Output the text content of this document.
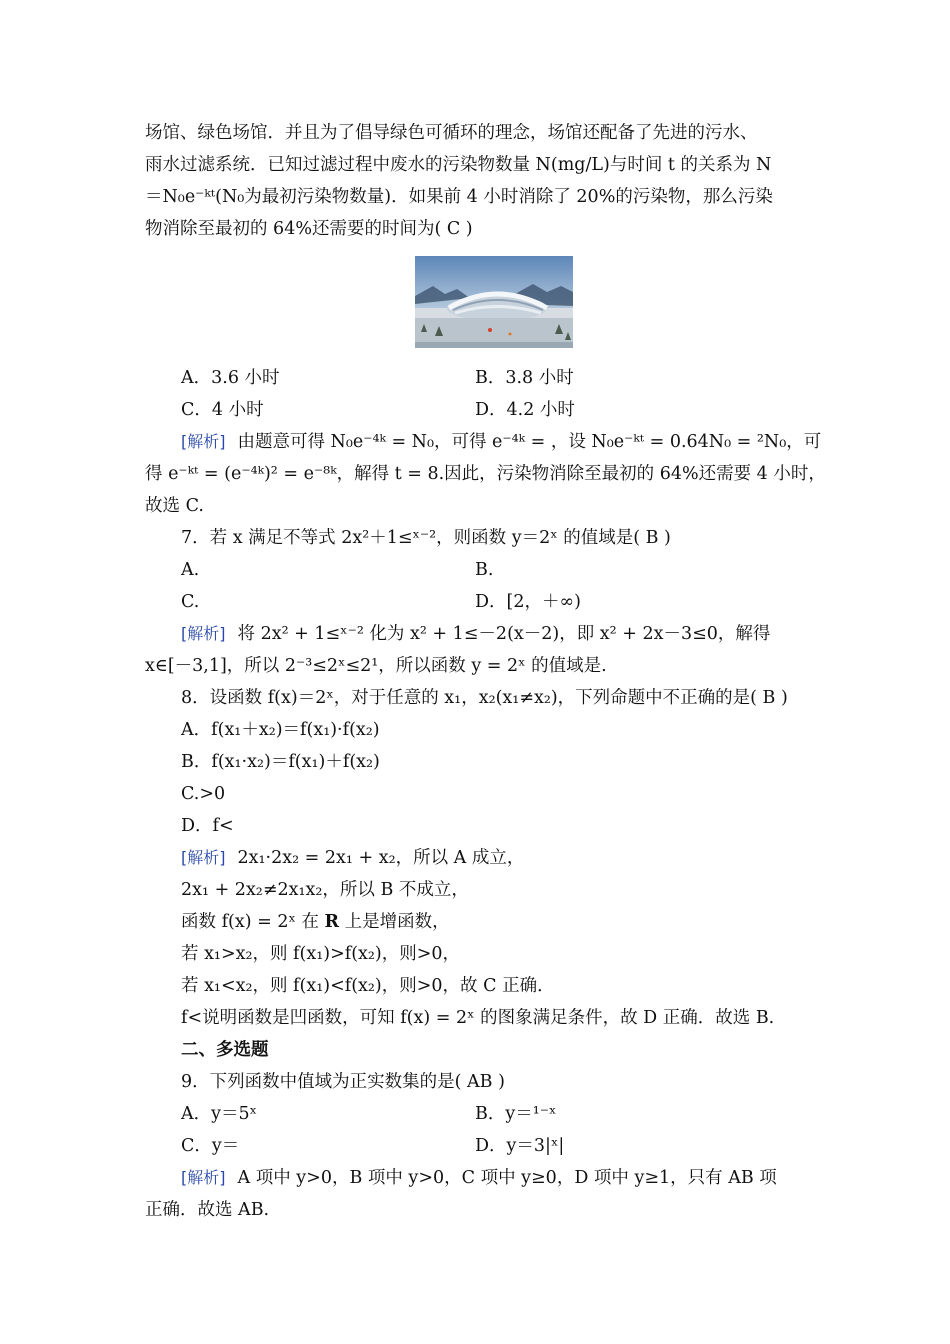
场馆、绿色场馆．并且为了倡导绿色可循环的理念，场馆还配备了先进的污水、
雨水过滤系统．已知过滤过程中废水的污染物数量 N(mg/L)与时间 t 的关系为 N
＝N₀e⁻ᵏᵗ(N₀为最初污染物数量)．如果前 4 小时消除了 20%的污染物，那么污染
物消除至最初的 64%还需要的时间为( C )
A．3.6 小时	B．3.8 小时
C．4 小时	D．4.2 小时
[解析] 由题意可得 N₀e⁻⁴ᵏ = N₀，可得 e⁻⁴ᵏ = ，设 N₀e⁻ᵏᵗ = 0.64N₀ = ²N₀，可
得 e⁻ᵏᵗ = (e⁻⁴ᵏ)² = e⁻⁸ᵏ，解得 t = 8.因此，污染物消除至最初的 64%还需要 4 小时，
故选 C.
7．若 x 满足不等式 2x²＋1≤ˣ⁻²，则函数 y＝2ˣ 的值域是( B )
A.	B.
C.	D．[2，＋∞)
[解析] 将 2x² + 1≤ˣ⁻² 化为 x² + 1≤－2(x－2)，即 x² + 2x－3≤0，解得
x∈[－3,1]，所以 2⁻³≤2ˣ≤2¹，所以函数 y = 2ˣ 的值域是.
8．设函数 f(x)＝2ˣ，对于任意的 x₁，x₂(x₁≠x₂)，下列命题中不正确的是( B )
A．f(x₁＋x₂)＝f(x₁)·f(x₂)
B．f(x₁·x₂)＝f(x₁)＋f(x₂)
C.>0
D．f<
[解析] 2x₁·2x₂ = 2x₁ + x₂，所以 A 成立，
2x₁ + 2x₂≠2x₁x₂，所以 B 不成立，
函数 f(x) = 2ˣ 在 R 上是增函数，
若 x₁>x₂，则 f(x₁)>f(x₂)，则>0，
若 x₁<x₂，则 f(x₁)<f(x₂)，则>0，故 C 正确．
f<说明函数是凹函数，可知 f(x) = 2ˣ 的图象满足条件，故 D 正确．故选 B.
二、多选题
9．下列函数中值域为正实数集的是( AB )
A．y＝5ˣ	B．y＝¹⁻ˣ
C．y＝	D．y＝3|ˣ|
[解析] A 项中 y>0，B 项中 y>0，C 项中 y≥0，D 项中 y≥1，只有 AB 项
正确．故选 AB.
